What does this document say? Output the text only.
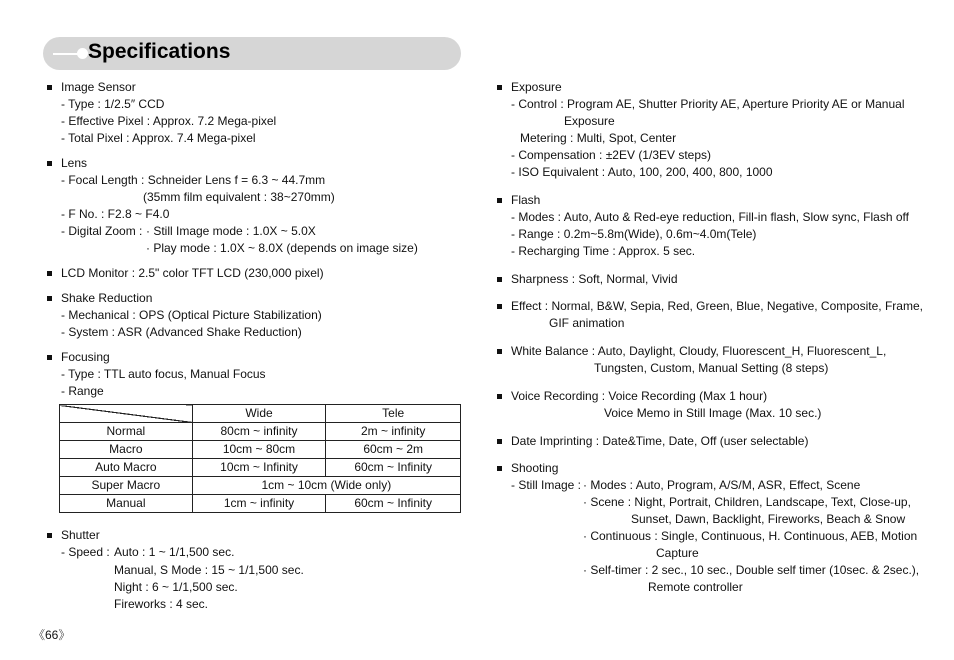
Specifications
Image Sensor
- Type : 1/2.5″ CCD
- Effective Pixel : Approx. 7.2 Mega-pixel
- Total Pixel : Approx. 7.4 Mega-pixel
Lens
- Focal Length : Schneider Lens f = 6.3 ~ 44.7mm
(35mm film equivalent : 38~270mm)
- F No. : F2.8 ~ F4.0
- Digital Zoom : · Still Image mode : 1.0X ~ 5.0X
· Play mode : 1.0X ~ 8.0X (depends on image size)
LCD Monitor : 2.5" color TFT LCD (230,000 pixel)
Shake Reduction
- Mechanical : OPS (Optical Picture Stabilization)
- System : ASR (Advanced Shake Reduction)
Focusing
- Type : TTL auto focus, Manual Focus
- Range
	Wide	Tele
Normal	80cm ~ infinity	2m ~ infinity
Macro	10cm ~ 80cm	60cm ~ 2m
Auto Macro	10cm ~ Infinity	60cm ~ Infinity
Super Macro	1cm ~ 10cm (Wide only)	
Manual	1cm ~ infinity	60cm ~ Infinity
Shutter
- Speed : Auto : 1 ~ 1/1,500 sec.
Manual, S Mode : 15 ~ 1/1,500 sec.
Night : 6 ~ 1/1,500 sec.
Fireworks : 4 sec.
《66》
Exposure
- Control : Program AE, Shutter Priority AE, Aperture Priority AE or Manual
Exposure
Metering : Multi, Spot, Center
- Compensation : ±2EV (1/3EV steps)
- ISO Equivalent : Auto, 100, 200, 400, 800, 1000
Flash
- Modes : Auto, Auto & Red-eye reduction, Fill-in flash, Slow sync, Flash off
- Range : 0.2m~5.8m(Wide), 0.6m~4.0m(Tele)
- Recharging Time : Approx. 5 sec.
Sharpness : Soft, Normal, Vivid
Effect : Normal, B&W, Sepia, Red, Green, Blue, Negative, Composite, Frame,
GIF animation
White Balance : Auto, Daylight, Cloudy, Fluorescent_H, Fluorescent_L,
Tungsten, Custom, Manual Setting (8 steps)
Voice Recording : Voice Recording (Max 1 hour)
Voice Memo in Still Image (Max. 10 sec.)
Date Imprinting : Date&Time, Date, Off (user selectable)
Shooting
- Still Image : · Modes : Auto, Program, A/S/M, ASR, Effect, Scene
· Scene : Night, Portrait, Children, Landscape, Text, Close-up,
Sunset, Dawn, Backlight, Fireworks, Beach & Snow
· Continuous : Single, Continuous, H. Continuous, AEB, Motion
Capture
· Self-timer : 2 sec., 10 sec., Double self timer (10sec. & 2sec.),
Remote controller
